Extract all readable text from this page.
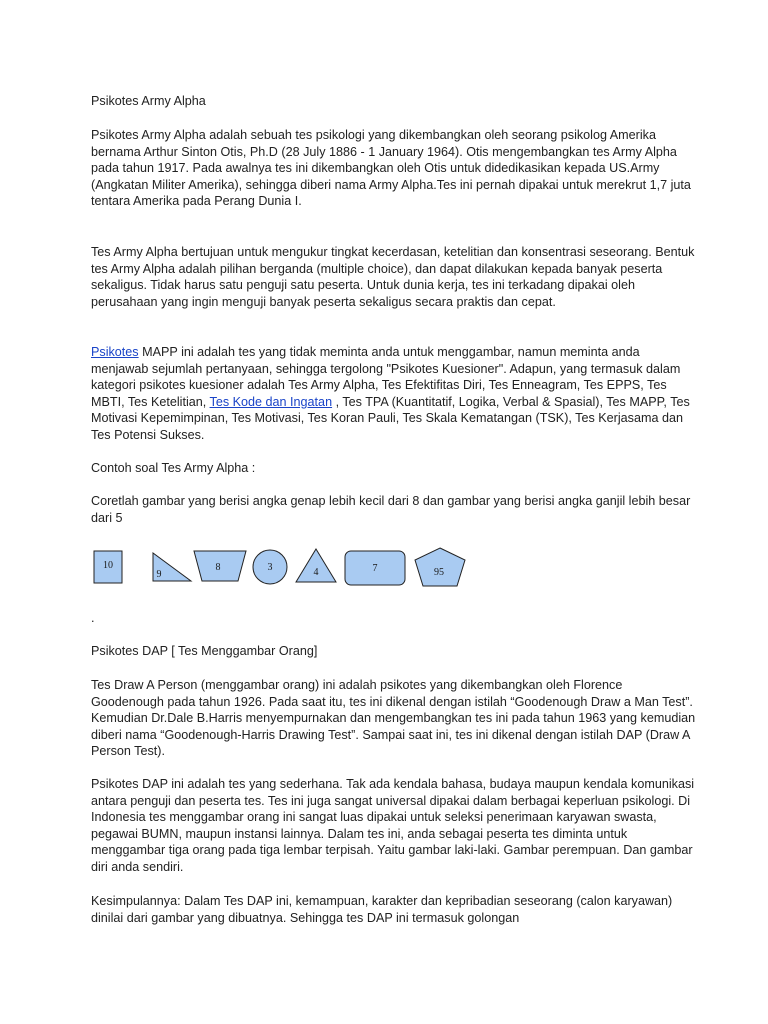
Psikotes Army Alpha

Psikotes Army Alpha adalah sebuah tes psikologi yang dikembangkan oleh seorang psikolog Amerika bernama Arthur Sinton Otis, Ph.D (28 July 1886 - 1 January 1964). Otis mengembangkan tes Army Alpha pada tahun 1917. Pada awalnya tes ini dikembangkan oleh Otis untuk didedikasikan kepada US.Army (Angkatan Militer Amerika), sehingga diberi nama Army Alpha.Tes ini pernah dipakai untuk merekrut 1,7 juta tentara Amerika pada Perang Dunia I.

Tes Army Alpha bertujuan untuk mengukur tingkat kecerdasan, ketelitian dan konsentrasi seseorang. Bentuk tes Army Alpha adalah pilihan berganda (multiple choice), dan dapat dilakukan kepada banyak peserta sekaligus. Tidak harus satu penguji satu peserta. Untuk dunia kerja, tes ini terkadang dipakai oleh perusahaan yang ingin menguji banyak peserta sekaligus secara praktis dan cepat.

Psikotes MAPP ini adalah tes yang tidak meminta anda untuk menggambar, namun meminta anda menjawab sejumlah pertanyaan, sehingga tergolong "Psikotes Kuesioner". Adapun, yang termasuk dalam kategori psikotes kuesioner adalah Tes Army Alpha, Tes Efektifitas Diri, Tes Enneagram, Tes EPPS, Tes MBTI, Tes Ketelitian, Tes Kode dan Ingatan , Tes TPA (Kuantitatif, Logika, Verbal & Spasial), Tes MAPP, Tes Motivasi Kepemimpinan, Tes Motivasi, Tes Koran Pauli, Tes Skala Kematangan (TSK), Tes Kerjasama dan Tes Potensi Sukses.

Contoh soal Tes Army Alpha :

Coretlah gambar yang berisi angka genap lebih kecil dari 8 dan gambar yang berisi angka ganjil lebih besar dari 5

10
9
8	3	4	7	95

.

Psikotes DAP [ Tes Menggambar Orang]

Tes Draw A Person (menggambar orang) ini adalah psikotes yang dikembangkan oleh Florence Goodenough pada tahun 1926. Pada saat itu, tes ini dikenal dengan istilah “Goodenough Draw a Man Test”. Kemudian Dr.Dale B.Harris menyempurnakan dan mengembangkan tes ini pada tahun 1963 yang kemudian diberi nama “Goodenough-Harris Drawing Test”. Sampai saat ini, tes ini dikenal dengan istilah DAP (Draw A Person Test).

Psikotes DAP ini adalah tes yang sederhana. Tak ada kendala bahasa, budaya maupun kendala komunikasi antara penguji dan peserta tes. Tes ini juga sangat universal dipakai dalam berbagai keperluan psikologi. Di Indonesia tes menggambar orang ini sangat luas dipakai untuk seleksi penerimaan karyawan swasta, pegawai BUMN, maupun instansi lainnya. Dalam tes ini, anda sebagai peserta tes diminta untuk menggambar tiga orang pada tiga lembar terpisah. Yaitu gambar laki-laki. Gambar perempuan. Dan gambar diri anda sendiri.

Kesimpulannya: Dalam Tes DAP ini, kemampuan, karakter dan kepribadian seseorang (calon karyawan) dinilai dari gambar yang dibuatnya. Sehingga tes DAP ini termasuk golongan
